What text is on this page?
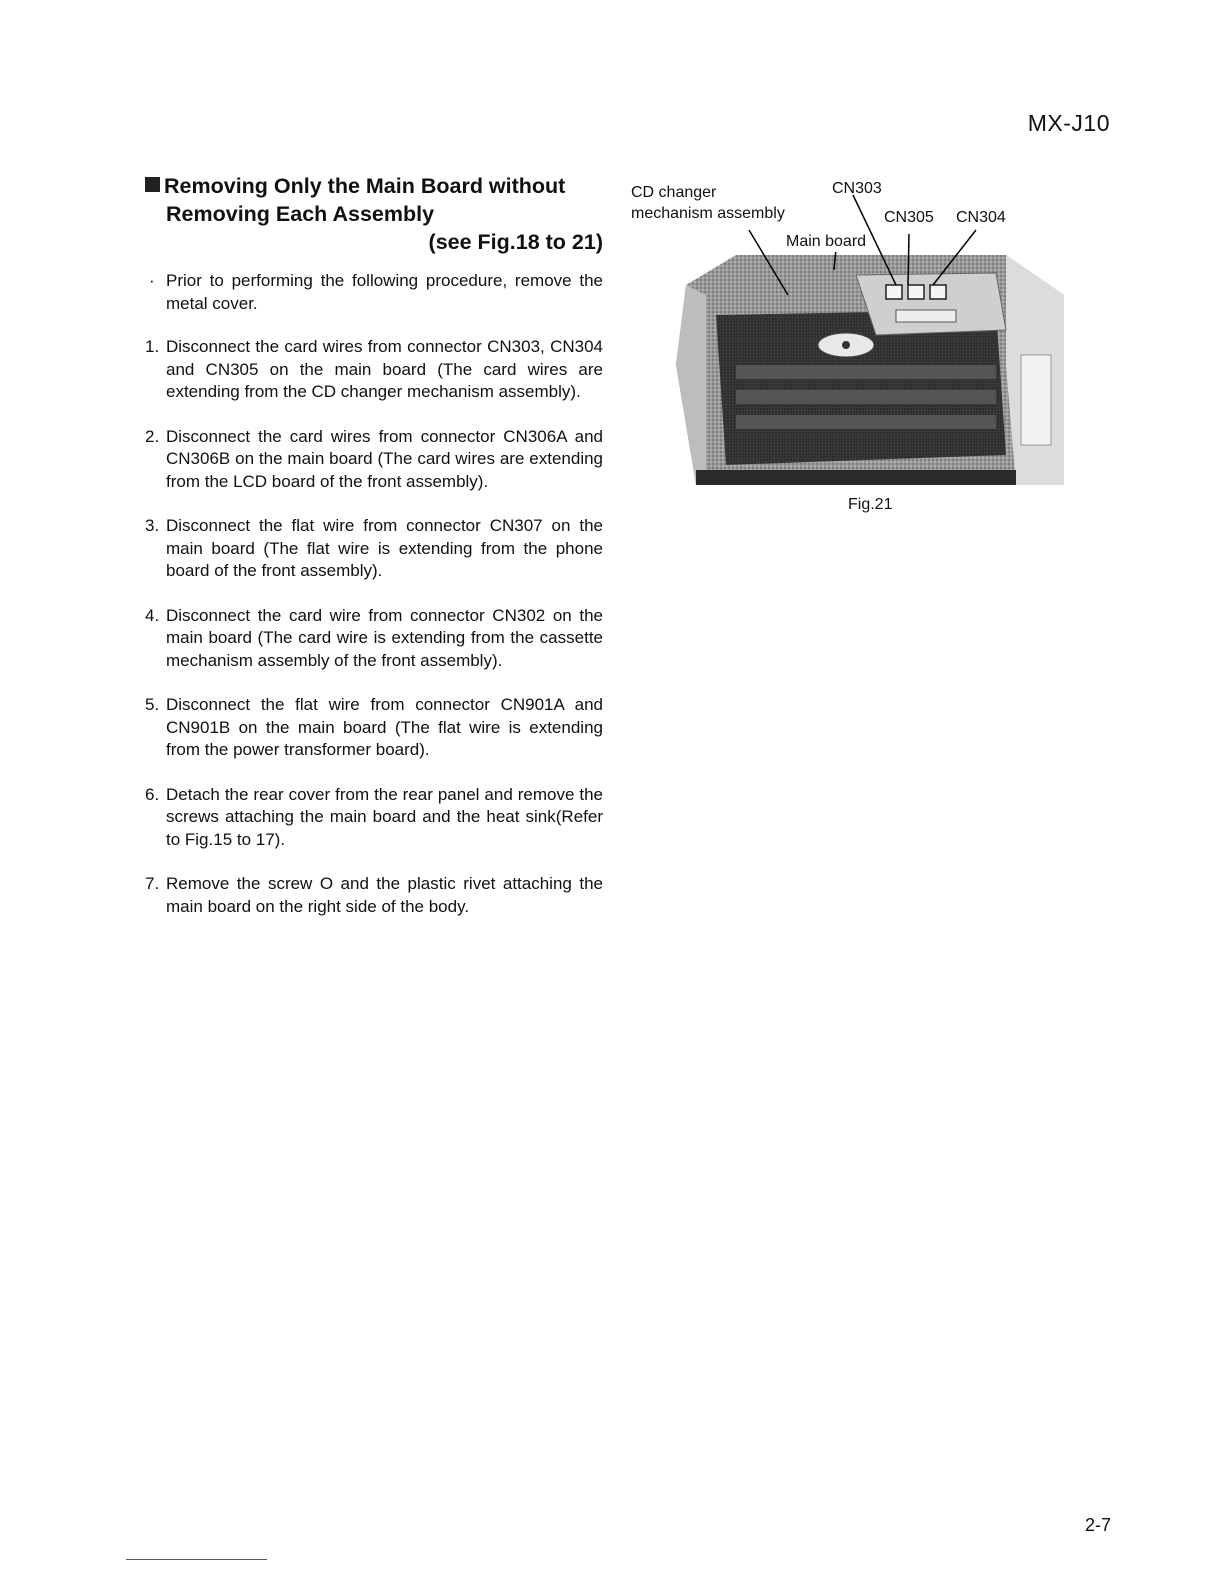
MX-J10
Removing Only the Main Board without
Removing Each Assembly
(see Fig.18 to 21)
· Prior to performing the following procedure, remove the metal cover.
1. Disconnect the card wires from connector CN303, CN304 and CN305 on the main board (The card wires are extending from the CD changer mechanism assembly).
2. Disconnect the card wires from connector CN306A and CN306B on the main board (The card wires are extending from the LCD board of the front assembly).
3. Disconnect the flat wire from connector CN307 on the main board (The flat wire is extending from the phone board of the front assembly).
4. Disconnect the card wire from connector CN302 on the main board (The card wire is extending from the cassette mechanism assembly of the front assembly).
5. Disconnect the flat wire from connector CN901A and CN901B on the main board (The flat wire is extending from the power transformer board).
6. Detach the rear cover from the rear panel and remove the screws attaching the main board and the heat sink(Refer to Fig.15 to 17).
7. Remove the screw O and the plastic rivet attaching the main board on the right side of the body.
CD changer
mechanism assembly
CN303
CN305 CN304
Main board
Fig.21
2-7
